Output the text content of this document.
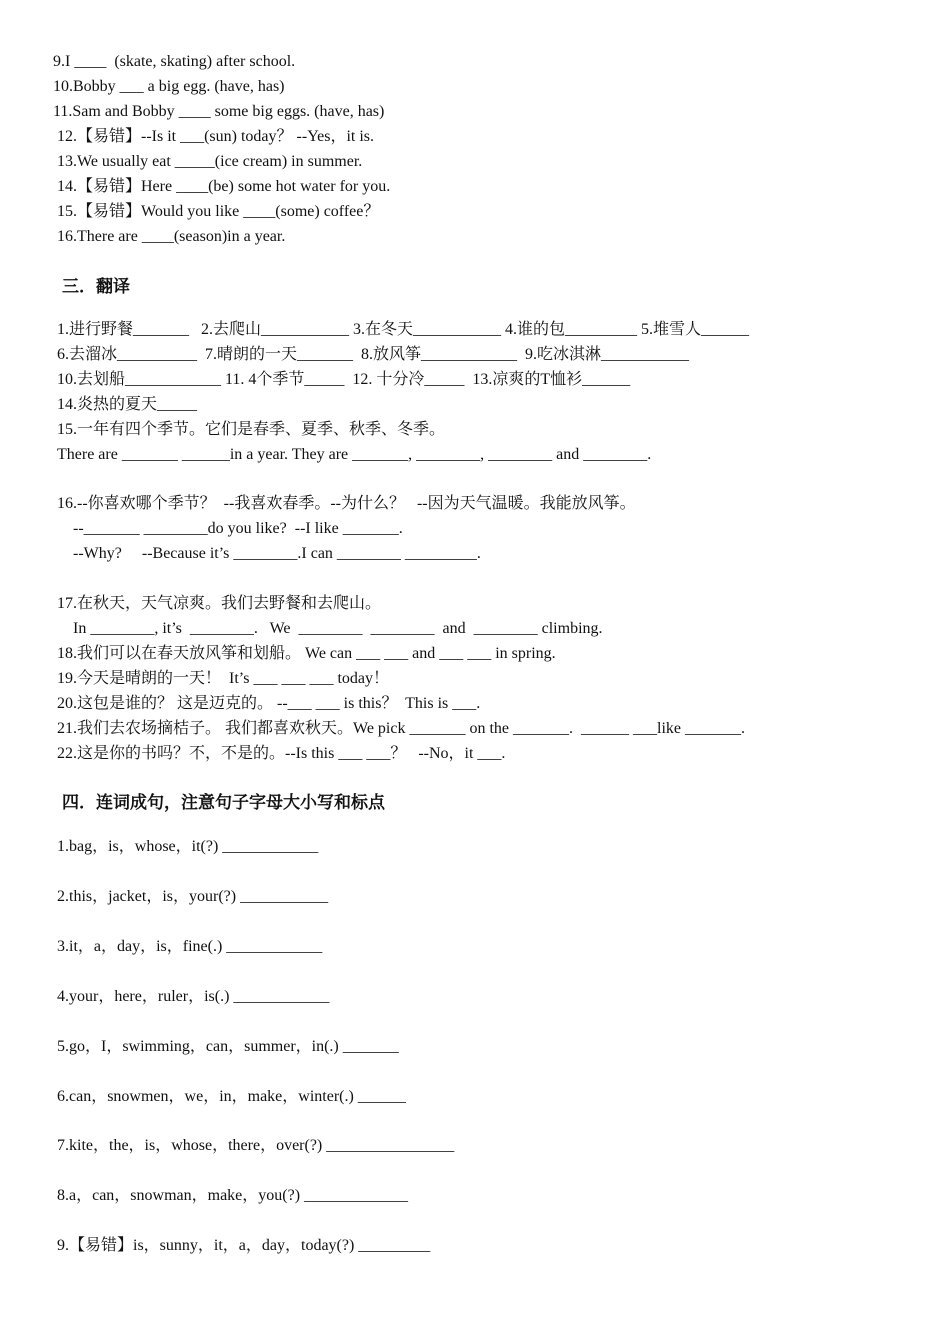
9.I ____  (skate, skating) after school.
10.Bobby ___ a big egg. (have, has)
11.Sam and Bobby ____ some big eggs. (have, has)
12.【易错】--Is it ___(sun) today？ --Yes，it is.
13.We usually eat _____(ice cream) in summer.
14.【易错】Here ____(be) some hot water for you.
15.【易错】Would you like ____(some) coffee？
16.There are ____(season)in a year.
三．翻译
1.进行野餐_______   2.去爬山___________ 3.在冬天___________ 4.谁的包_________ 5.堆雪人______
6.去溜冰__________  7.晴朗的一天_______  8.放风筝____________  9.吃冰淇淋___________
10.去划船____________ 11. 4个季节_____  12. 十分冷_____  13.凉爽的T恤衫______
14.炎热的夏天_____
15.一年有四个季节。它们是春季、夏季、秋季、冬季。
There are _______ ______in a year. They are _______, ________, ________ and ________.
16.--你喜欢哪个季节？  --我喜欢春季。--为什么？   --因为天气温暖。我能放风筝。
--_______ ________do you like?  --I like _______.
--Why?     --Because it’s ________.I can ________ _________.
17.在秋天，天气凉爽。我们去野餐和去爬山。
In ________, it’s  ________.   We  ________  ________  and  ________ climbing.
18.我们可以在春天放风筝和划船。 We can ___ ___ and ___ ___ in spring.
19.今天是晴朗的一天！  It’s ___ ___ ___ today！
20.这包是谁的？ 这是迈克的。 --___ ___ is this？  This is ___.
21.我们去农场摘桔子。 我们都喜欢秋天。We pick _______ on the _______.  ______ ___like _______.
22.这是你的书吗？不，不是的。--Is this ___ ___？   --No，it ___.
四．连词成句，注意句子字母大小写和标点
1.bag，is，whose，it(?) ____________
2.this，jacket，is，your(?) ___________
3.it，a，day，is，fine(.) ____________
4.your，here，ruler，is(.) ____________
5.go，I，swimming，can，summer，in(.) _______
6.can，snowmen，we，in，make，winter(.) ______
7.kite，the，is，whose，there，over(?) ________________
8.a，can，snowman，make，you(?) _____________
9.【易错】is，sunny，it，a，day，today(?) _________
